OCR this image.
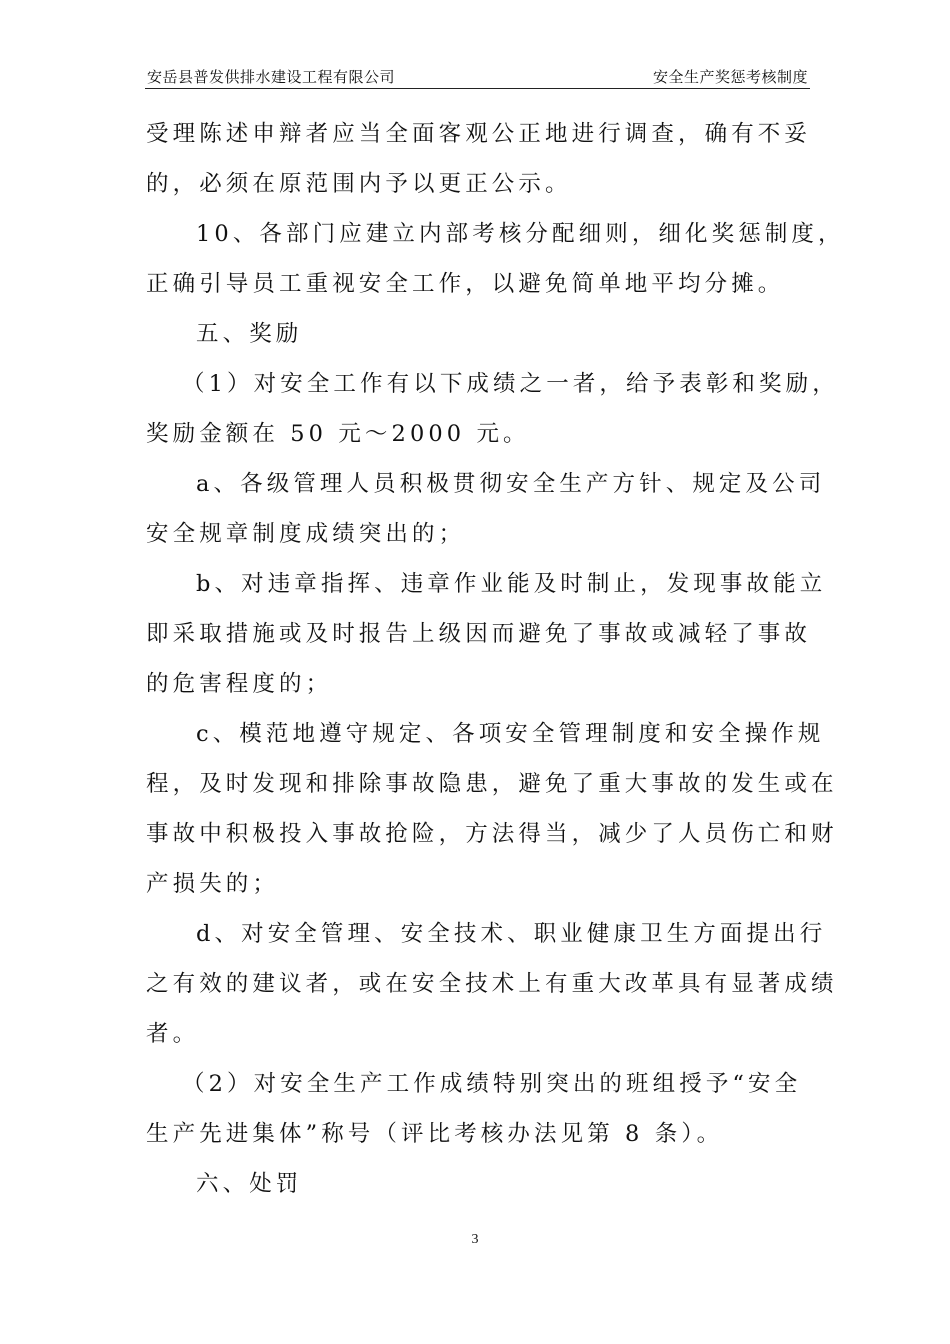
安岳县普发供排水建设工程有限公司	安全生产奖惩考核制度
受理陈述申辩者应当全面客观公正地进行调查，确有不妥
的，必须在原范围内予以更正公示。
10、各部门应建立内部考核分配细则，细化奖惩制度，
正确引导员工重视安全工作，以避免简单地平均分摊。
五、奖励
（1）对安全工作有以下成绩之一者，给予表彰和奖励，
奖励金额在 50 元～2000 元。
a、各级管理人员积极贯彻安全生产方针、规定及公司
安全规章制度成绩突出的；
b、对违章指挥、违章作业能及时制止，发现事故能立
即采取措施或及时报告上级因而避免了事故或减轻了事故
的危害程度的；
c、模范地遵守规定、各项安全管理制度和安全操作规
程，及时发现和排除事故隐患，避免了重大事故的发生或在
事故中积极投入事故抢险，方法得当，减少了人员伤亡和财
产损失的；
d、对安全管理、安全技术、职业健康卫生方面提出行
之有效的建议者，或在安全技术上有重大改革具有显著成绩
者。
（2）对安全生产工作成绩特别突出的班组授予“安全
生产先进集体”称号（评比考核办法见第 8 条）。
六、处罚
3
